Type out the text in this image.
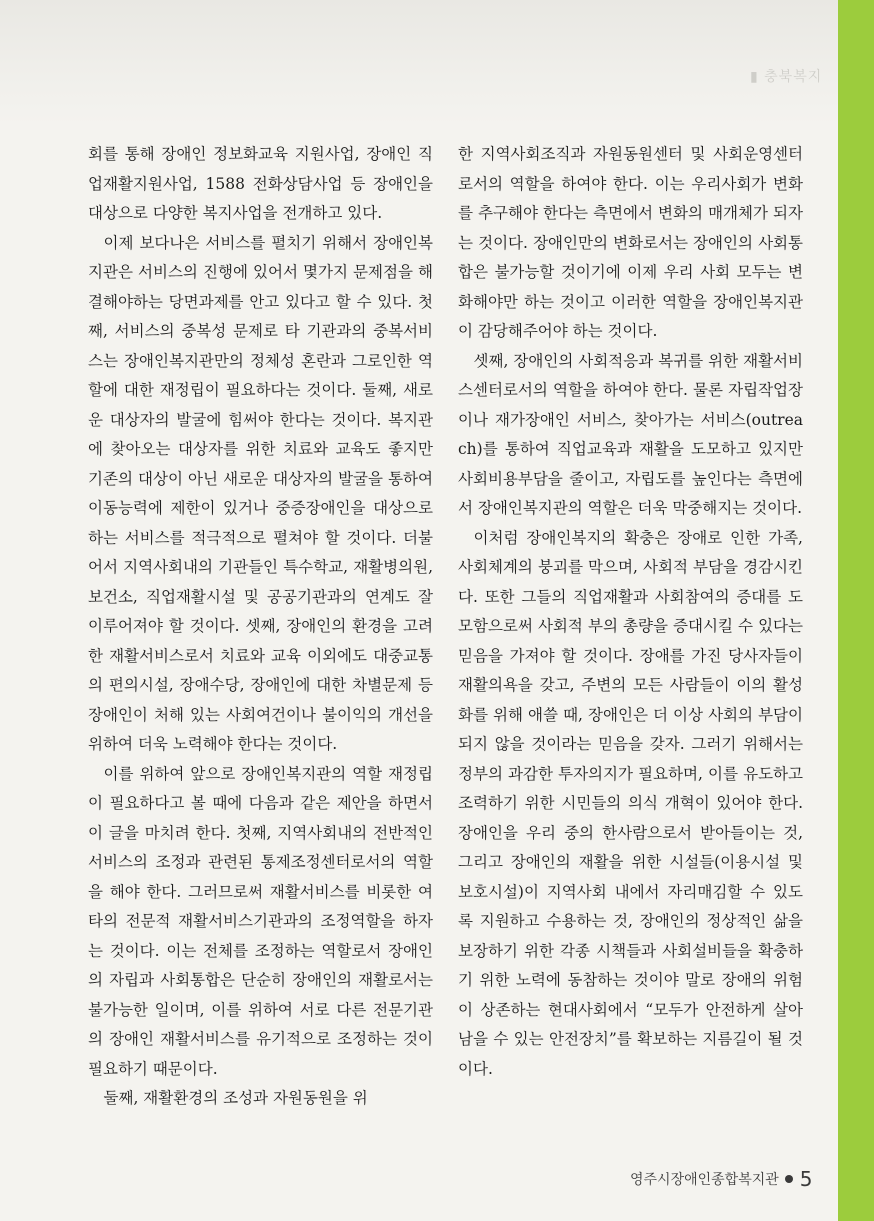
▮ 충북복지

회를 통해 장애인 정보화교육 지원사업, 장애인 직업재활지원사업, 1588 전화상담사업 등 장애인을 대상으로 다양한 복지사업을 전개하고 있다.

이제 보다나은 서비스를 펼치기 위해서 장애인복지관은 서비스의 진행에 있어서 몇가지 문제점을 해결해야하는 당면과제를 안고 있다고 할 수 있다. 첫째, 서비스의 중복성 문제로 타 기관과의 중복서비스는 장애인복지관만의 정체성 혼란과 그로인한 역할에 대한 재정립이 필요하다는 것이다. 둘째, 새로운 대상자의 발굴에 힘써야 한다는 것이다. 복지관에 찾아오는 대상자를 위한 치료와 교육도 좋지만 기존의 대상이 아닌 새로운 대상자의 발굴을 통하여 이동능력에 제한이 있거나 중증장애인을 대상으로 하는 서비스를 적극적으로 펼쳐야 할 것이다. 더불어서 지역사회내의 기관들인 특수학교, 재활병의원, 보건소, 직업재활시설 및 공공기관과의 연계도 잘 이루어져야 할 것이다. 셋째, 장애인의 환경을 고려한 재활서비스로서 치료와 교육 이외에도 대중교통의 편의시설, 장애수당, 장애인에 대한 차별문제 등 장애인이 처해 있는 사회여건이나 불이익의 개선을 위하여 더욱 노력해야 한다는 것이다.

이를 위하여 앞으로 장애인복지관의 역할 재정립이 필요하다고 볼 때에 다음과 같은 제안을 하면서 이 글을 마치려 한다. 첫째, 지역사회내의 전반적인 서비스의 조정과 관련된 통제조정센터로서의 역할을 해야 한다. 그러므로써 재활서비스를 비롯한 여타의 전문적 재활서비스기관과의 조정역할을 하자는 것이다. 이는 전체를 조정하는 역할로서 장애인의 자립과 사회통합은 단순히 장애인의 재활로서는 불가능한 일이며, 이를 위하여 서로 다른 전문기관의 장애인 재활서비스를 유기적으로 조정하는 것이 필요하기 때문이다.

둘째, 재활환경의 조성과 자원동원을 위

한 지역사회조직과 자원동원센터 및 사회운영센터로서의 역할을 하여야 한다. 이는 우리사회가 변화를 추구해야 한다는 측면에서 변화의 매개체가 되자는 것이다. 장애인만의 변화로서는 장애인의 사회통합은 불가능할 것이기에 이제 우리 사회 모두는 변화해야만 하는 것이고 이러한 역할을 장애인복지관이 감당해주어야 하는 것이다.

셋째, 장애인의 사회적응과 복귀를 위한 재활서비스센터로서의 역할을 하여야 한다. 물론 자립작업장이나 재가장애인 서비스, 찾아가는 서비스(outreach)를 통하여 직업교육과 재활을 도모하고 있지만 사회비용부담을 줄이고, 자립도를 높인다는 측면에서 장애인복지관의 역할은 더욱 막중해지는 것이다.

이처럼 장애인복지의 확충은 장애로 인한 가족, 사회체계의 붕괴를 막으며, 사회적 부담을 경감시킨다. 또한 그들의 직업재활과 사회참여의 증대를 도모함으로써 사회적 부의 총량을 증대시킬 수 있다는 믿음을 가져야 할 것이다. 장애를 가진 당사자들이 재활의욕을 갖고, 주변의 모든 사람들이 이의 활성화를 위해 애쓸 때, 장애인은 더 이상 사회의 부담이 되지 않을 것이라는 믿음을 갖자. 그러기 위해서는 정부의 과감한 투자의지가 필요하며, 이를 유도하고 조력하기 위한 시민들의 의식 개혁이 있어야 한다. 장애인을 우리 중의 한사람으로서 받아들이는 것, 그리고 장애인의 재활을 위한 시설들(이용시설 및 보호시설)이 지역사회 내에서 자리매김할 수 있도록 지원하고 수용하는 것, 장애인의 정상적인 삶을 보장하기 위한 각종 시책들과 사회설비들을 확충하기 위한 노력에 동참하는 것이야 말로 장애의 위험이 상존하는 현대사회에서 “모두가 안전하게 살아남을 수 있는 안전장치”를 확보하는 지름길이 될 것이다.

영주시장애인종합복지관 5
